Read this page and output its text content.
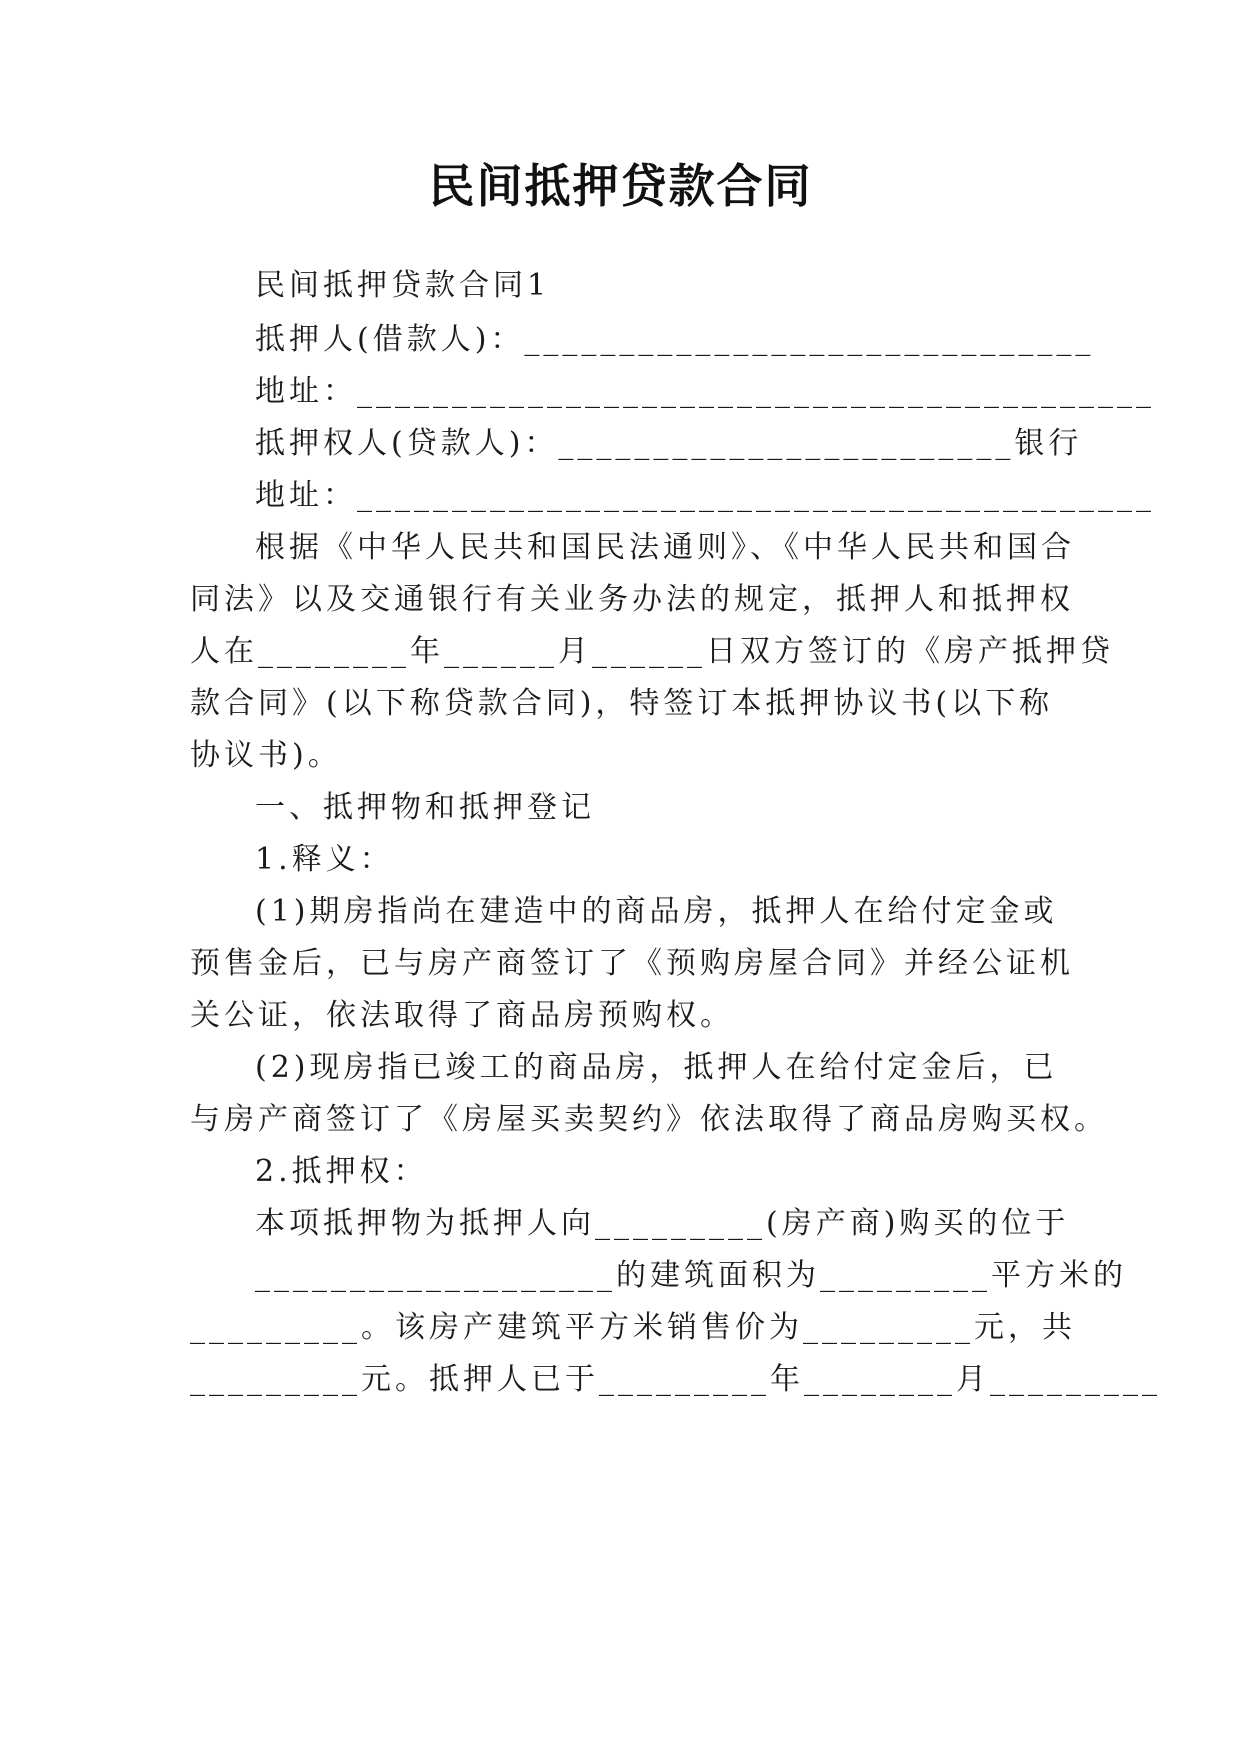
民间抵押贷款合同
民间抵押贷款合同1
抵押人(借款人)：______________________________
地址：__________________________________________
抵押权人(贷款人)：________________________银行
地址：__________________________________________
根据《中华人民共和国民法通则》、《中华人民共和国合
同法》以及交通银行有关业务办法的规定，抵押人和抵押权
人在________年______月______日双方签订的《房产抵押贷
款合同》(以下称贷款合同)，特签订本抵押协议书(以下称
协议书)。
一、抵押物和抵押登记
1.释义：
(1)期房指尚在建造中的商品房，抵押人在给付定金或
预售金后，已与房产商签订了《预购房屋合同》并经公证机
关公证，依法取得了商品房预购权。
(2)现房指已竣工的商品房，抵押人在给付定金后，已
与房产商签订了《房屋买卖契约》依法取得了商品房购买权。
2.抵押权：
本项抵押物为抵押人向_________(房产商)购买的位于
___________________的建筑面积为_________平方米的
_________。该房产建筑平方米销售价为_________元，共
_________元。抵押人已于_________年________月_________
